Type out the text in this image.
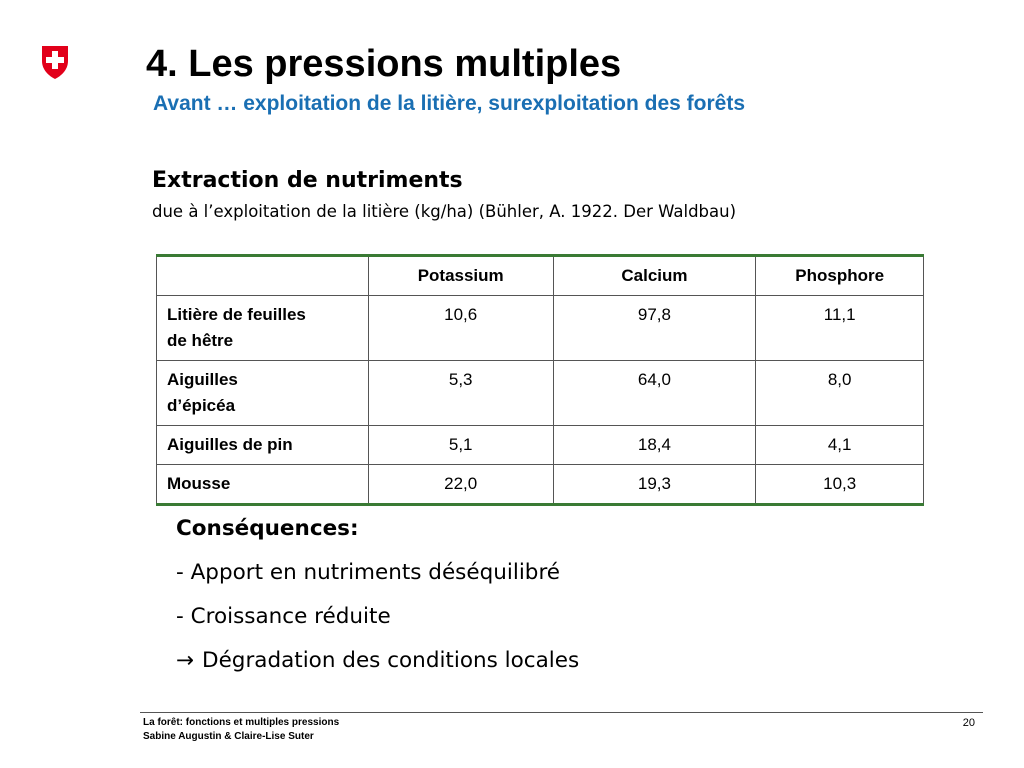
4. Les pressions multiples
Avant … exploitation de la litière, surexploitation des forêts
Extraction de nutriments
due à l’exploitation de la litière (kg/ha) (Bühler, A. 1922. Der Waldbau)
	Potassium	Calcium	Phosphore
Litière de feuilles
de hêtre	10,6	97,8	11,1
Aiguilles
d’épicéa	5,3	64,0	8,0
Aiguilles de pin	5,1	18,4	4,1
Mousse	22,0	19,3	10,3
Conséquences:
- Apport en nutriments déséquilibré
- Croissance réduite
→ Dégradation des conditions locales
La forêt: fonctions et multiples pressions
Sabine Augustin & Claire-Lise Suter
20
